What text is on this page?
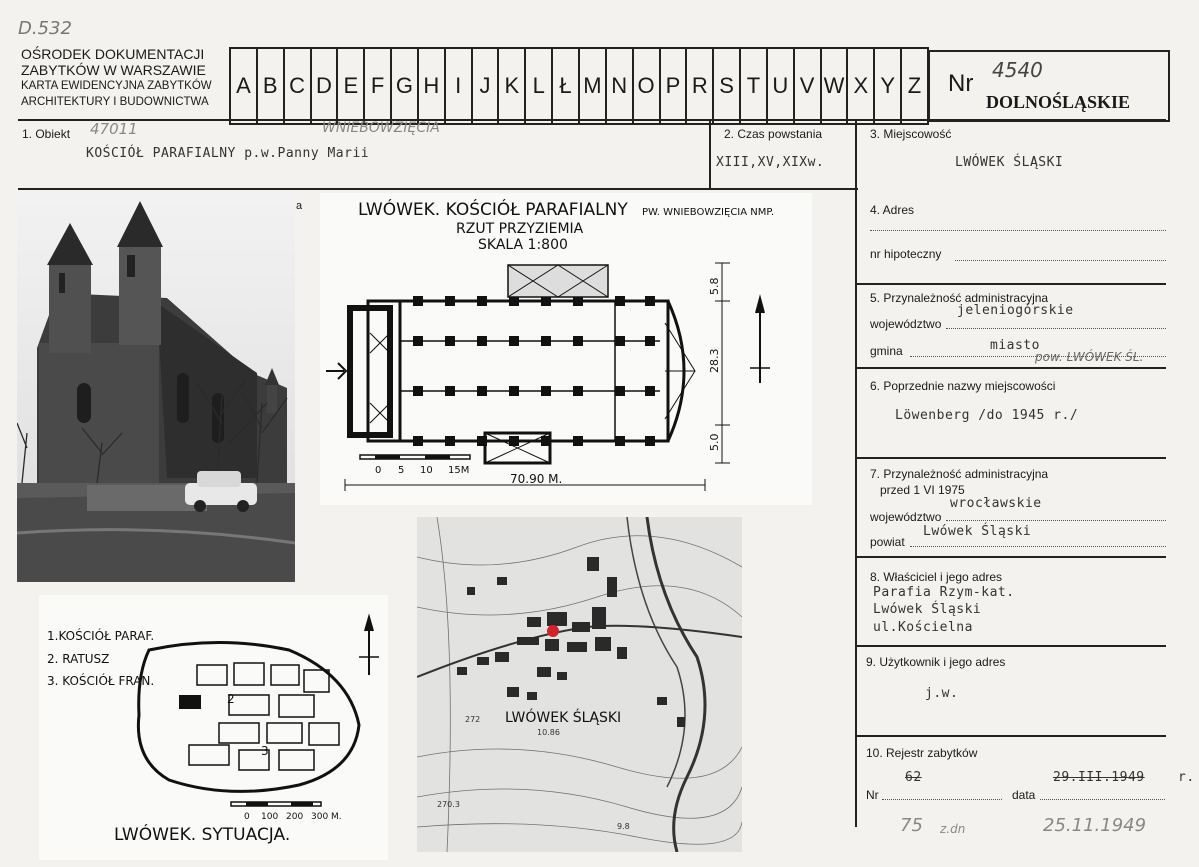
D.532
OŚRODEK DOKUMENTACJI
ZABYTKÓW W WARSZAWIE
KARTA EWIDENCYJNA ZABYTKÓW
ARCHITEKTURY I BUDOWNICTWA
A B C D E F G H I J K L Ł M N O P R S T U V W X Y Z	Nr 4540
DOLNOŚLĄSKIE
1. Obiekt 47011	WNIEBOWZIĘCIA
KOŚCIÓŁ PARAFIALNY p.w.Panny Marii
2. Czas powstania
XIII,XV,XIXw.
3. Miejscowość
LWÓWEK ŚLĄSKI
4. Adres
nr hipoteczny
5. Przynależność administracyjna
województwo
jeleniogórskie
gmina	miasto
pow. LWÓWEK ŚL.
6. Poprzednie nazwy miejscowości
Löwenberg /do 1945 r./
7. Przynależność administracyjna
przed 1 VI 1975
województwo
wrocławskie
powiat
Lwówek Śląski
8. Właściciel i jego adres
Parafia Rzym-kat.
Lwówek Śląski
ul.Kościelna
9. Użytkownik i jego adres
j.w.
10. Rejestr zabytków
Nr
62
data
29.III.1949	r.
75 z.dn	25.11.1949
a	LWÓWEK. KOŚCIÓŁ PARAFIALNY PW. WNIEBOWZIĘCIA NMP.
RZUT PRZYZIEMIA
SKALA 1:800
5.8
28.3
5.0
0 5 10 15M
70.90 M.
1.KOŚCIÓŁ PARAF.
2. RATUSZ
3. KOŚCIÓŁ FRAN.
2
3
0 100 200 300 M.
LWÓWEK. SYTUACJA.
LWÓWEK ŚLĄSKI
272
10.86
270.3
9.8
